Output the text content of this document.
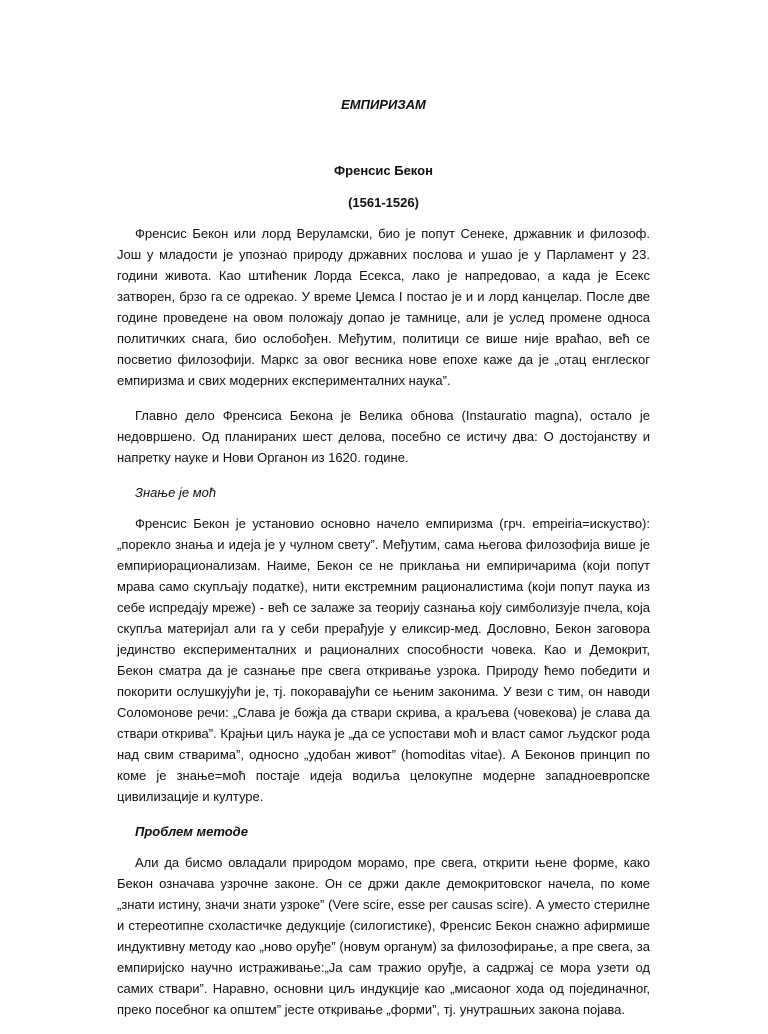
ЕМПИРИЗАМ
Френсис Бекон
(1561-1526)

Френсис Бекон или лорд Веруламски, био је попут Сенеке, државник и филозоф. Још у младости је упознао природу државних послова и ушао је у Парламент у 23. години живота. Као штићеник Лорда Есекса, лако је напредовао, а када је Есекс затворен, брзо га се одрекао. У време Џемса I постао је и и лорд канцелар. После две године проведене на овом положају допао је тамнице, али је услед промене односа политичких снага, био ослобођен. Међутим, политици се више није враћао, већ се посветио филозофији. Маркс за овог весника нове епохе каже да је „отац енглеског емпиризма и свих модерних експерименталних наука”.

Главно дело Френсиса Бекона је Велика обнова (Instauratio magna), остало је недовршено. Од планираних шест делова, посебно се истичу два: О достојанству и напретку науке и Нови Органон из 1620. године.

Знање је моћ

Френсис Бекон је установио основно начело емпиризма (грч. empeiria=искуство): „порекло знања и идеја је у чулном свету”. Међутим, сама његова филозофија више је емпириорационализам. Наиме, Бекон се не приклања ни емпиричарима (који попут мрава само скупљају податке), нити екстремним рационалистима (који попут паука из себе испредају мреже) - већ се залаже за теорију сазнања коју симболизује пчела, која скупља материјал али га у себи прерађује у еликсир-мед. Дословно, Бекон заговора јединство експерименталних и рационалних способности човека. Као и Демокрит, Бекон сматра да је сазнање пре свега откривање узрока. Природу ћемо победити и покорити ослушкујући је, тј. покоравајући се њеним законима. У вези с тим, он наводи Соломонове речи: „Слава је божја да ствари скрива, а краљева (човекова) је слава да ствари открива”. Крајњи циљ наука је „да се успостави моћ и власт самог људског рода над свим стварима”, односно „удобан живот” (homoditas vitae). А Беконов принцип по коме је знање=моћ постаје идеја водиља целокупне модерне западноевропске цивилизације и културе.

Проблем методе

Али да бисмо овладали природом морамо, пре свега, открити њене форме, како Бекон означава узрочне законе. Он се држи дакле демокритовског начела, по коме „знати истину, значи знати узроке” (Vere scire, esse per causas scire). А уместо стерилне и стереотипне схоластичке дедукције (силогистике), Френсис Бекон снажно афирмише индуктивну методу као „ново оруђе” (новум органум) за филозофирање, а пре свега, за емпиријско научно истраживање:„Ја сам тражио оруђе, а садржај се мора узети од самих ствари”. Наравно, основни циљ индукције као „мисаоног хода од појединачног, преко посебног ка општем” јесте откривање „форми”, тј. унутрашњих закона појава.
